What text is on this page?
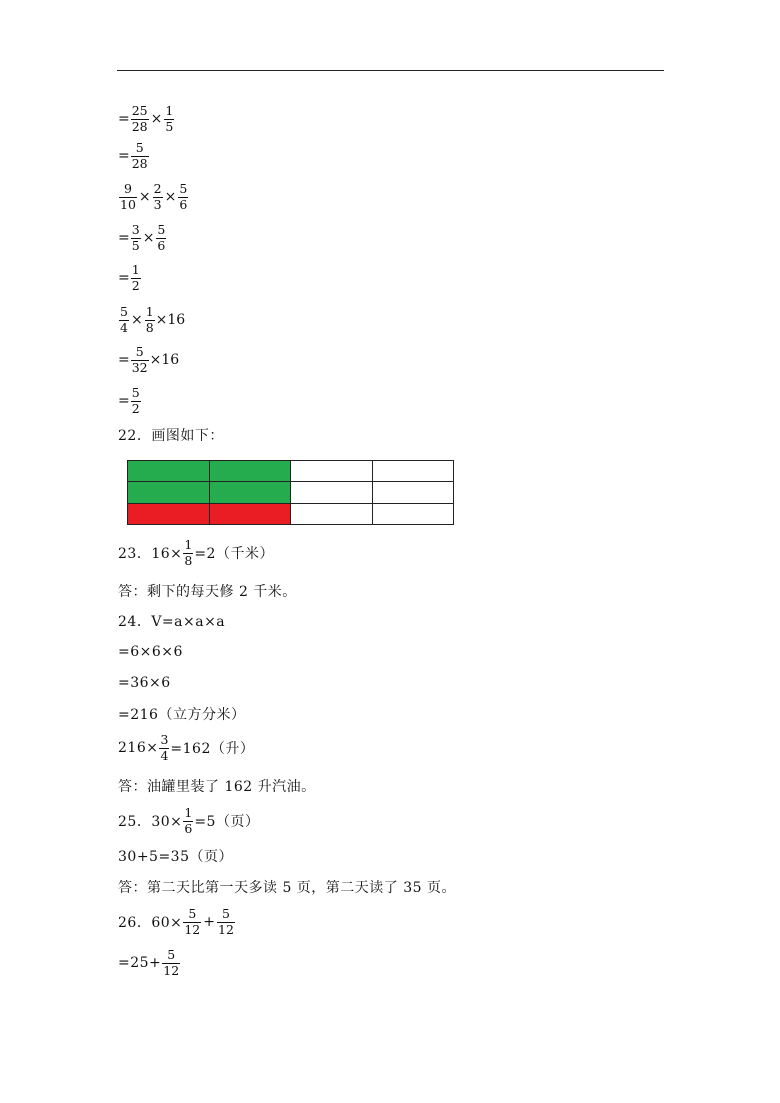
= $\frac{25}{28} \times \frac{1}{5}$
= $\frac{5}{28}$
$\frac{9}{10} \times \frac{2}{3} \times \frac{5}{6}$
= $\frac{3}{5} \times \frac{5}{6}$
= $\frac{1}{2}$
$\frac{5}{4} \times \frac{1}{8} \times 16$
= $\frac{5}{32} \times 16$
= $\frac{5}{2}$
22．画图如下：

23．$16\times \frac{1}{8} =2$（千米）
答：剩下的每天修 2 千米。
24．V=a×a×a
=6×6×6
=36×6
=216（立方分米）
$216\times \frac{3}{4} =162$（升）
答：油罐里装了 162 升汽油。
25．$30\times \frac{1}{6} =5$（页）
30+5=35（页）
答：第二天比第一天多读 5 页，第二天读了 35 页。
26．$60\times \frac{5}{12} + \frac{5}{12}$
$=25+ \frac{5}{12}$
